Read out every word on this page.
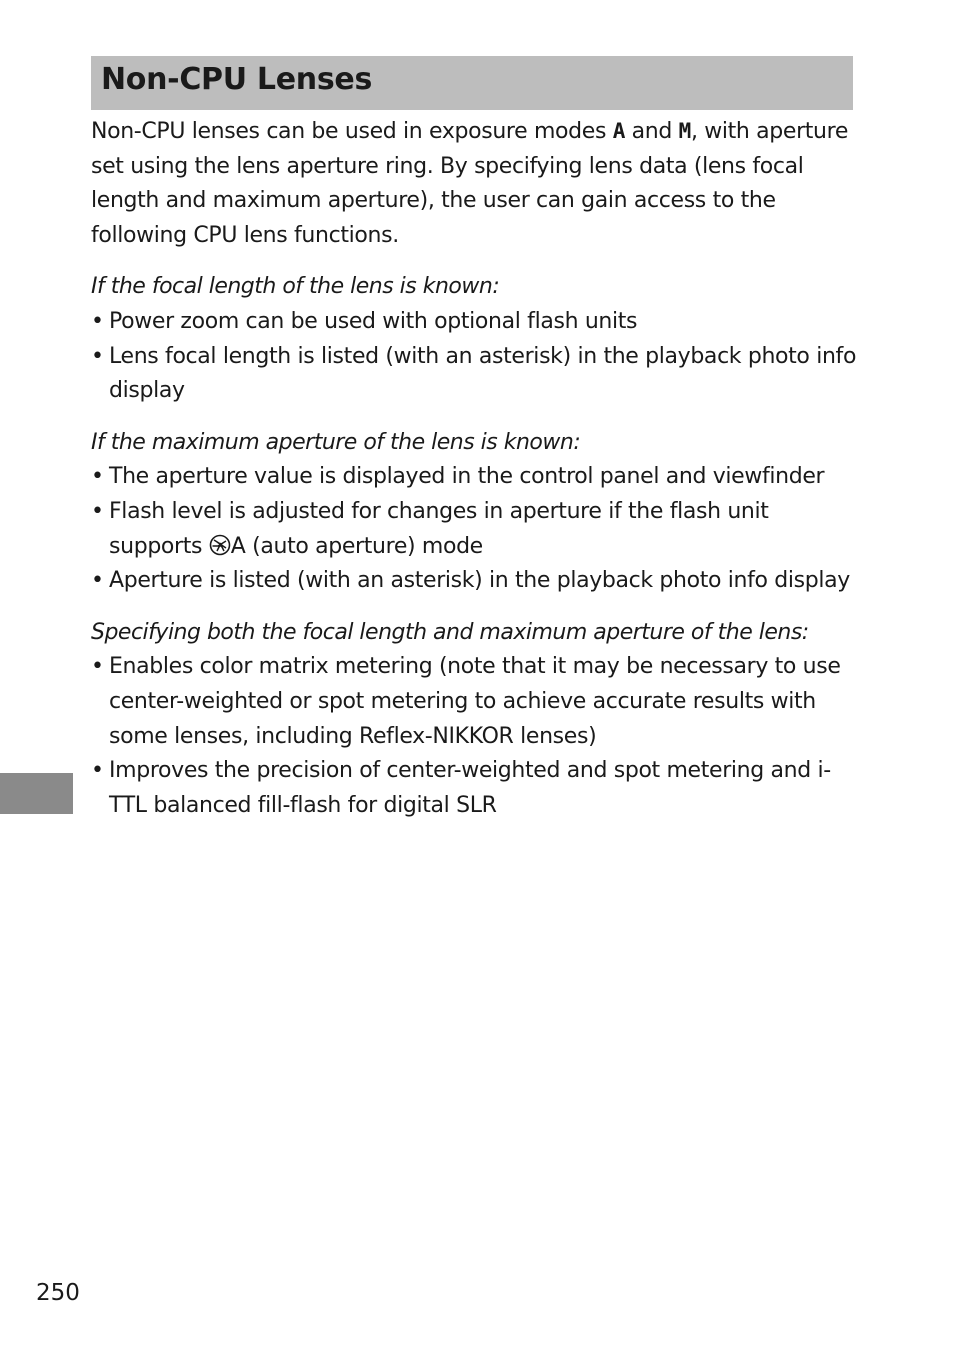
Non-CPU Lenses

Non-CPU lenses can be used in exposure modes A and M, with aperture set using the lens aperture ring. By specifying lens data (lens focal length and maximum aperture), the user can gain access to the following CPU lens functions.

If the focal length of the lens is known:

• Power zoom can be used with optional flash units
• Lens focal length is listed (with an asterisk) in the playback photo info display

If the maximum aperture of the lens is known:

• The aperture value is displayed in the control panel and viewfinder
• Flash level is adjusted for changes in aperture if the flash unit supports A (auto aperture) mode
• Aperture is listed (with an asterisk) in the playback photo info display

Specifying both the focal length and maximum aperture of the lens:

• Enables color matrix metering (note that it may be necessary to use center-weighted or spot metering to achieve accurate results with some lenses, including Reflex-NIKKOR lenses)
• Improves the precision of center-weighted and spot metering and i-TTL balanced fill-flash for digital SLR
250
